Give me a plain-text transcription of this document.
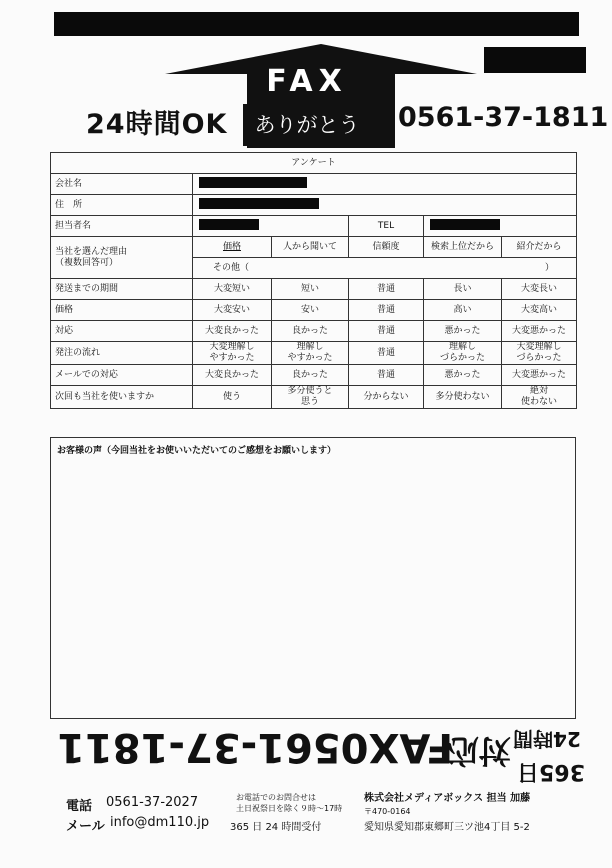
FAX
ありがとう
24時間OK	0561-37-1811
アンケート					
会社名					
住　所					
担当者名			TEL		
当社を選んだ理由
（複数回答可）	価格	人から聞いて	信頼度	検索上位だから	紹介だから
	その他（ ）				

発送までの期間	大変短い	短い	普通	長い	大変長い
価格	大変安い	安い	普通	高い	大変高い
対応	大変良かった	良かった	普通	悪かった	大変悪かった
発注の流れ	大変理解し
やすかった	理解し
やすかった	普通	理解し
づらかった	大変理解し
づらかった
メールでの対応	大変良かった	良かった	普通	悪かった	大変悪かった
次回も当社を使いますか	使う	多分使うと
思う	分からない	多分使わない	絶対
使わない
お客様の声（今回当社をお使いいただいてのご感想をお願いします）
FAX0561-37-1811
対応
365日
24時間
電話 0561-37-2027	お電話でのお問合せは
土日祝祭日を除く９時〜17時
メール info@dm110.jp 365 日 24 時間受付
株式会社メディアボックス 担当 加藤
〒470-0164
愛知県愛知郡東郷町三ツ池4丁目 5-2
